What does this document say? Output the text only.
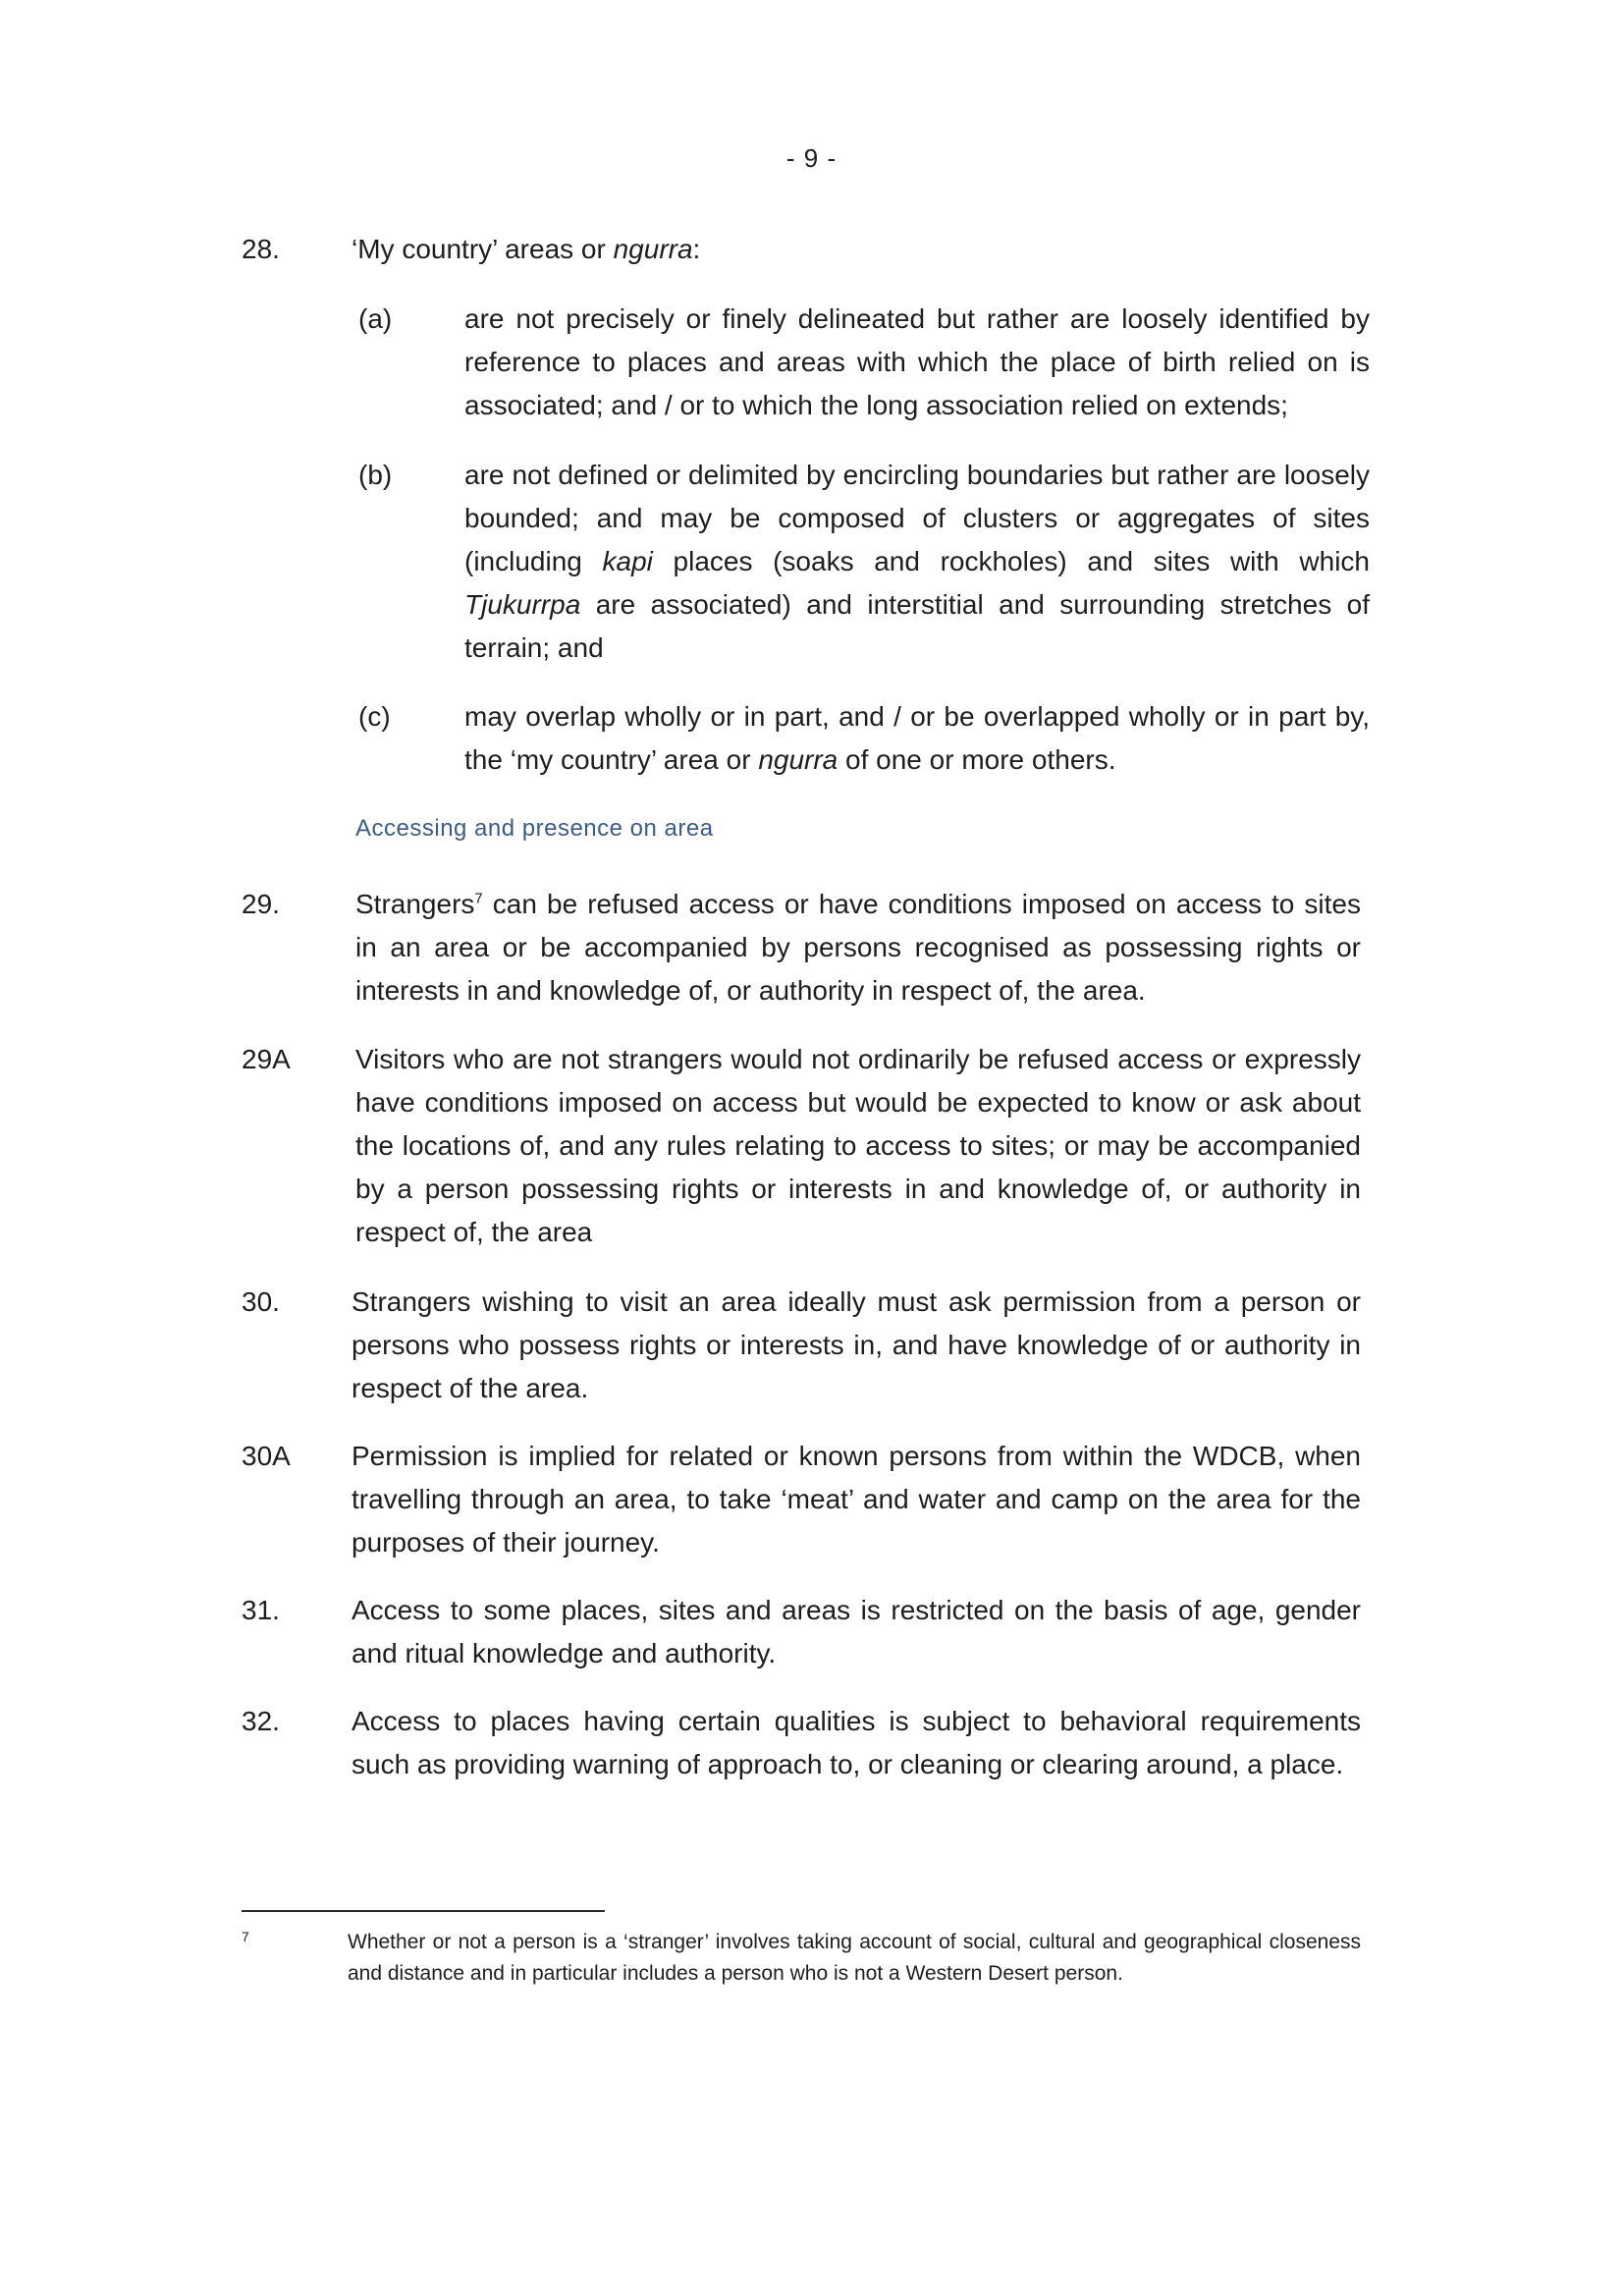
- 9 -
28.	‘My country’ areas or ngurra:
(a)	are not precisely or finely delineated but rather are loosely identified by reference to places and areas with which the place of birth relied on is associated; and / or to which the long association relied on extends;
(b)	are not defined or delimited by encircling boundaries but rather are loosely bounded; and may be composed of clusters or aggregates of sites (including kapi places (soaks and rockholes) and sites with which Tjukurrpa are associated) and interstitial and surrounding stretches of terrain; and
(c)	may overlap wholly or in part, and / or be overlapped wholly or in part by, the ‘my country’ area or ngurra of one or more others.
Accessing and presence on area
29.	Strangers$^7$ can be refused access or have conditions imposed on access to sites in an area or be accompanied by persons recognised as possessing rights or interests in and knowledge of, or authority in respect of, the area.
29A Visitors who are not strangers would not ordinarily be refused access or expressly have conditions imposed on access but would be expected to know or ask about the locations of, and any rules relating to access to sites; or may be accompanied by a person possessing rights or interests in and knowledge of, or authority in respect of, the area
30.	Strangers wishing to visit an area ideally must ask permission from a person or persons who possess rights or interests in, and have knowledge of or authority in respect of the area.
30A Permission is implied for related or known persons from within the WDCB, when travelling through an area, to take ‘meat’ and water and camp on the area for the purposes of their journey.
31.	Access to some places, sites and areas is restricted on the basis of age, gender and ritual knowledge and authority.
32.	Access to places having certain qualities is subject to behavioral requirements such as providing warning of approach to, or cleaning or clearing around, a place.
7	Whether or not a person is a ‘stranger’ involves taking account of social, cultural and geographical closeness and distance and in particular includes a person who is not a Western Desert person.
